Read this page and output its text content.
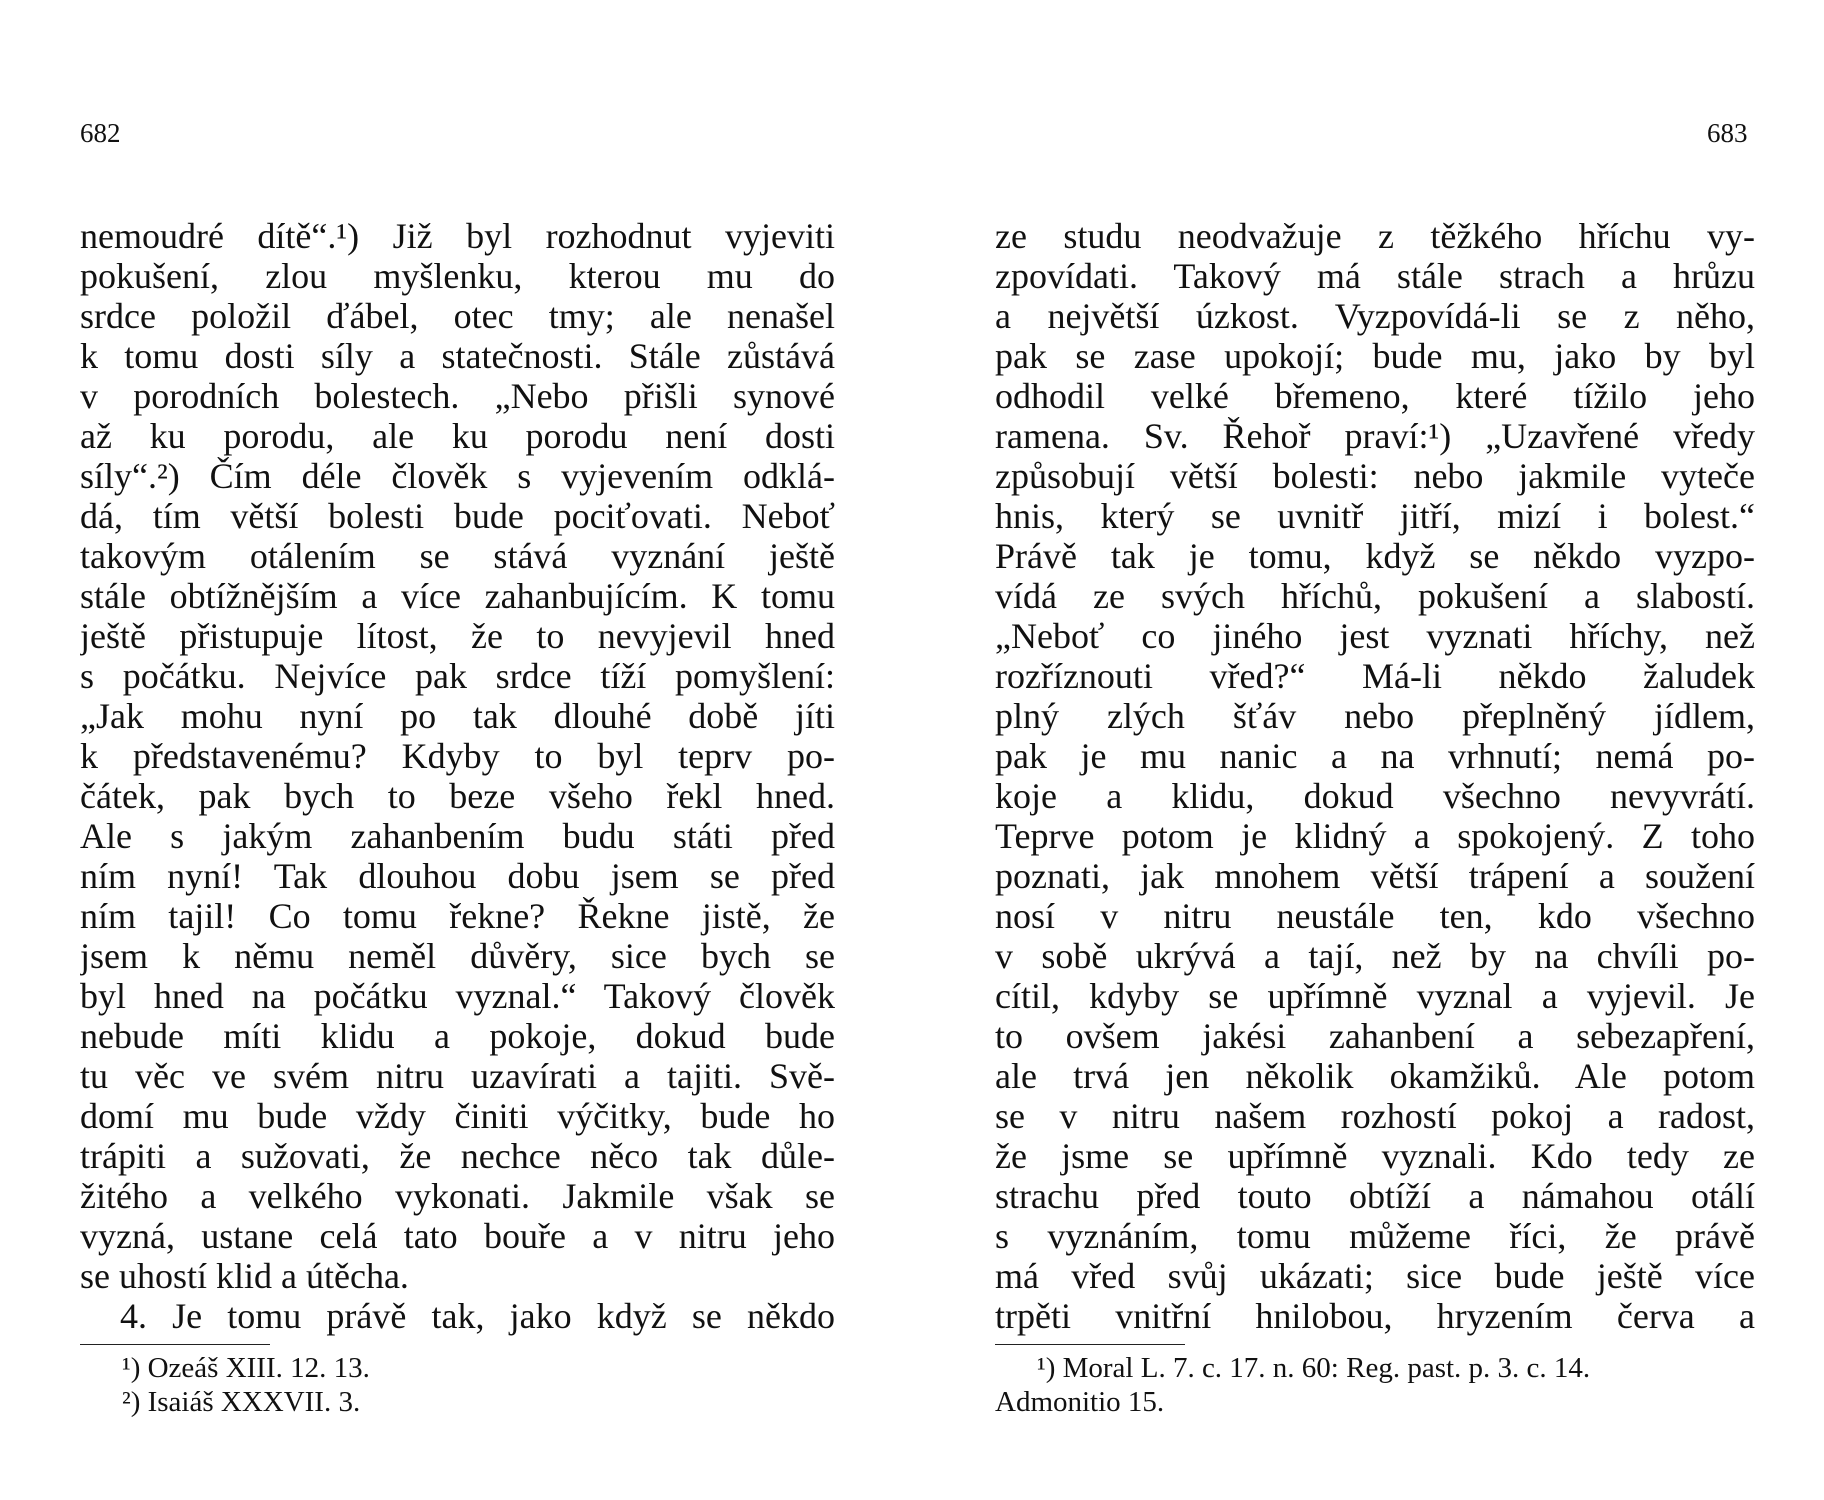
682	683
nemoudré dítě“.¹) Již byl rozhodnut vyjeviti
pokušení, zlou myšlenku, kterou mu do
srdce položil ďábel, otec tmy; ale nenašel
k tomu dosti síly a statečnosti. Stále zůstává
v porodních bolestech. „Nebo přišli synové
až ku porodu, ale ku porodu není dosti
síly“.²) Čím déle člověk s vyjevením odklá-
dá, tím větší bolesti bude pociťovati. Neboť
takovým otálením se stává vyznání ještě
stále obtížnějším a více zahanbujícím. K tomu
ještě přistupuje lítost, že to nevyjevil hned
s počátku. Nejvíce pak srdce tíží pomyšlení:
„Jak mohu nyní po tak dlouhé době jíti
k představenému? Kdyby to byl teprv po-
čátek, pak bych to beze všeho řekl hned.
Ale s jakým zahanbením budu státi před
ním nyní! Tak dlouhou dobu jsem se před
ním tajil! Co tomu řekne? Řekne jistě, že
jsem k němu neměl důvěry, sice bych se
byl hned na počátku vyznal.“ Takový člověk
nebude míti klidu a pokoje, dokud bude
tu věc ve svém nitru uzavírati a tajiti. Svě-
domí mu bude vždy činiti výčitky, bude ho
trápiti a sužovati, že nechce něco tak důle-
žitého a velkého vykonati. Jakmile však se
vyzná, ustane celá tato bouře a v nitru jeho
se uhostí klid a útěcha.
4. Je tomu právě tak, jako když se někdo
¹) Ozeáš XIII. 12. 13.
²) Isaiáš XXXVII. 3.
ze studu neodvažuje z těžkého hříchu vy-
zpovídati. Takový má stále strach a hrůzu
a největší úzkost. Vyzpovídá-li se z něho,
pak se zase upokojí; bude mu, jako by byl
odhodil velké břemeno, které tížilo jeho
ramena. Sv. Řehoř praví:¹) „Uzavřené vředy
způsobují větší bolesti: nebo jakmile vyteče
hnis, který se uvnitř jitří, mizí i bolest.“
Právě tak je tomu, když se někdo vyzpo-
vídá ze svých hříchů, pokušení a slabostí.
„Neboť co jiného jest vyznati hříchy, než
rozříznouti vřed?“ Má-li někdo žaludek
plný zlých šťáv nebo přeplněný jídlem,
pak je mu nanic a na vrhnutí; nemá po-
koje a klidu, dokud všechno nevyvrátí.
Teprve potom je klidný a spokojený. Z toho
poznati, jak mnohem větší trápení a soužení
nosí v nitru neustále ten, kdo všechno
v sobě ukrývá a tají, než by na chvíli po-
cítil, kdyby se upřímně vyznal a vyjevil. Je
to ovšem jakési zahanbení a sebezapření,
ale trvá jen několik okamžiků. Ale potom
se v nitru našem rozhostí pokoj a radost,
že jsme se upřímně vyznali. Kdo tedy ze
strachu před touto obtíží a námahou otálí
s vyznáním, tomu můžeme říci, že právě
má vřed svůj ukázati; sice bude ještě více
trpěti vnitřní hnilobou, hryzením červa a
¹) Moral L. 7. c. 17. n. 60: Reg. past. p. 3. c. 14.
Admonitio 15.
